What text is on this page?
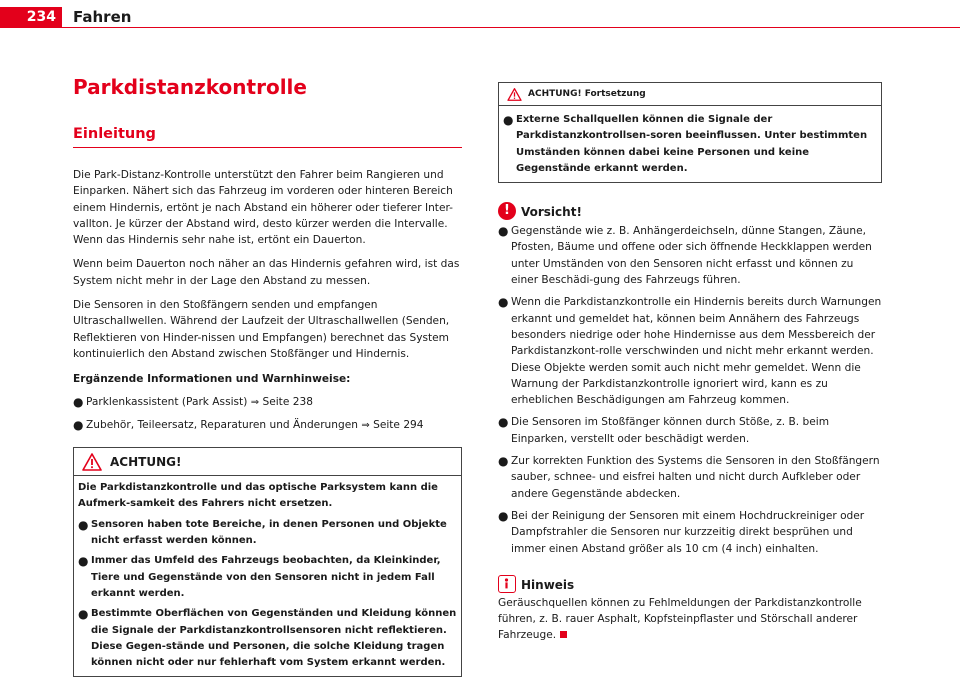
234	Fahren
Parkdistanzkontrolle
Einleitung

Die Park-Distanz-Kontrolle unterstützt den Fahrer beim Rangieren und Einparken. Nähert sich das Fahrzeug im vorderen oder hinteren Bereich einem Hindernis, ertönt je nach Abstand ein höherer oder tieferer Inter-vallton. Je kürzer der Abstand wird, desto kürzer werden die Intervalle. Wenn das Hindernis sehr nahe ist, ertönt ein Dauerton.

Wenn beim Dauerton noch näher an das Hindernis gefahren wird, ist das System nicht mehr in der Lage den Abstand zu messen.

Die Sensoren in den Stoßfängern senden und empfangen Ultraschallwellen. Während der Laufzeit der Ultraschallwellen (Senden, Reflektieren von Hinder-nissen und Empfangen) berechnet das System kontinuierlich den Abstand zwischen Stoßfänger und Hindernis.

Ergänzende Informationen und Warnhinweise:

● Parklenkassistent (Park Assist) ⇒ Seite 238
● Zubehör, Teileersatz, Reparaturen und Änderungen ⇒ Seite 294
ACHTUNG!

Die Parkdistanzkontrolle und das optische Parksystem kann die Aufmerk-samkeit des Fahrers nicht ersetzen.

● Sensoren haben tote Bereiche, in denen Personen und Objekte nicht erfasst werden können.
● Immer das Umfeld des Fahrzeugs beobachten, da Kleinkinder, Tiere und Gegenstände von den Sensoren nicht in jedem Fall erkannt werden.
● Bestimmte Oberflächen von Gegenständen und Kleidung können die Signale der Parkdistanzkontrollsensoren nicht reflektieren. Diese Gegen-stände und Personen, die solche Kleidung tragen können nicht oder nur fehlerhaft vom System erkannt werden.
ACHTUNG! Fortsetzung
● Externe Schallquellen können die Signale der Parkdistanzkontrollsen-soren beeinflussen. Unter bestimmten Umständen können dabei keine Personen und keine Gegenstände erkannt werden.
! Vorsicht!
● Gegenstände wie z. B. Anhängerdeichseln, dünne Stangen, Zäune, Pfosten, Bäume und offene oder sich öffnende Heckklappen werden unter Umständen von den Sensoren nicht erfasst und können zu einer Beschädi-gung des Fahrzeugs führen.
● Wenn die Parkdistanzkontrolle ein Hindernis bereits durch Warnungen erkannt und gemeldet hat, können beim Annähern des Fahrzeugs besonders niedrige oder hohe Hindernisse aus dem Messbereich der Parkdistanzkont-rolle verschwinden und nicht mehr erkannt werden. Diese Objekte werden somit auch nicht mehr gemeldet. Wenn die Warnung der Parkdistanzkontrolle ignoriert wird, kann es zu erheblichen Beschädigungen am Fahrzeug kommen.
● Die Sensoren im Stoßfänger können durch Stöße, z. B. beim Einparken, verstellt oder beschädigt werden.
● Zur korrekten Funktion des Systems die Sensoren in den Stoßfängern sauber, schnee- und eisfrei halten und nicht durch Aufkleber oder andere Gegenstände abdecken.
● Bei der Reinigung der Sensoren mit einem Hochdruckreiniger oder Dampfstrahler die Sensoren nur kurzzeitig direkt besprühen und immer einen Abstand größer als 10 cm (4 inch) einhalten.
Hinweis

Geräuschquellen können zu Fehlmeldungen der Parkdistanzkontrolle führen, z. B. rauer Asphalt, Kopfsteinpflaster und Störschall anderer Fahrzeuge.
